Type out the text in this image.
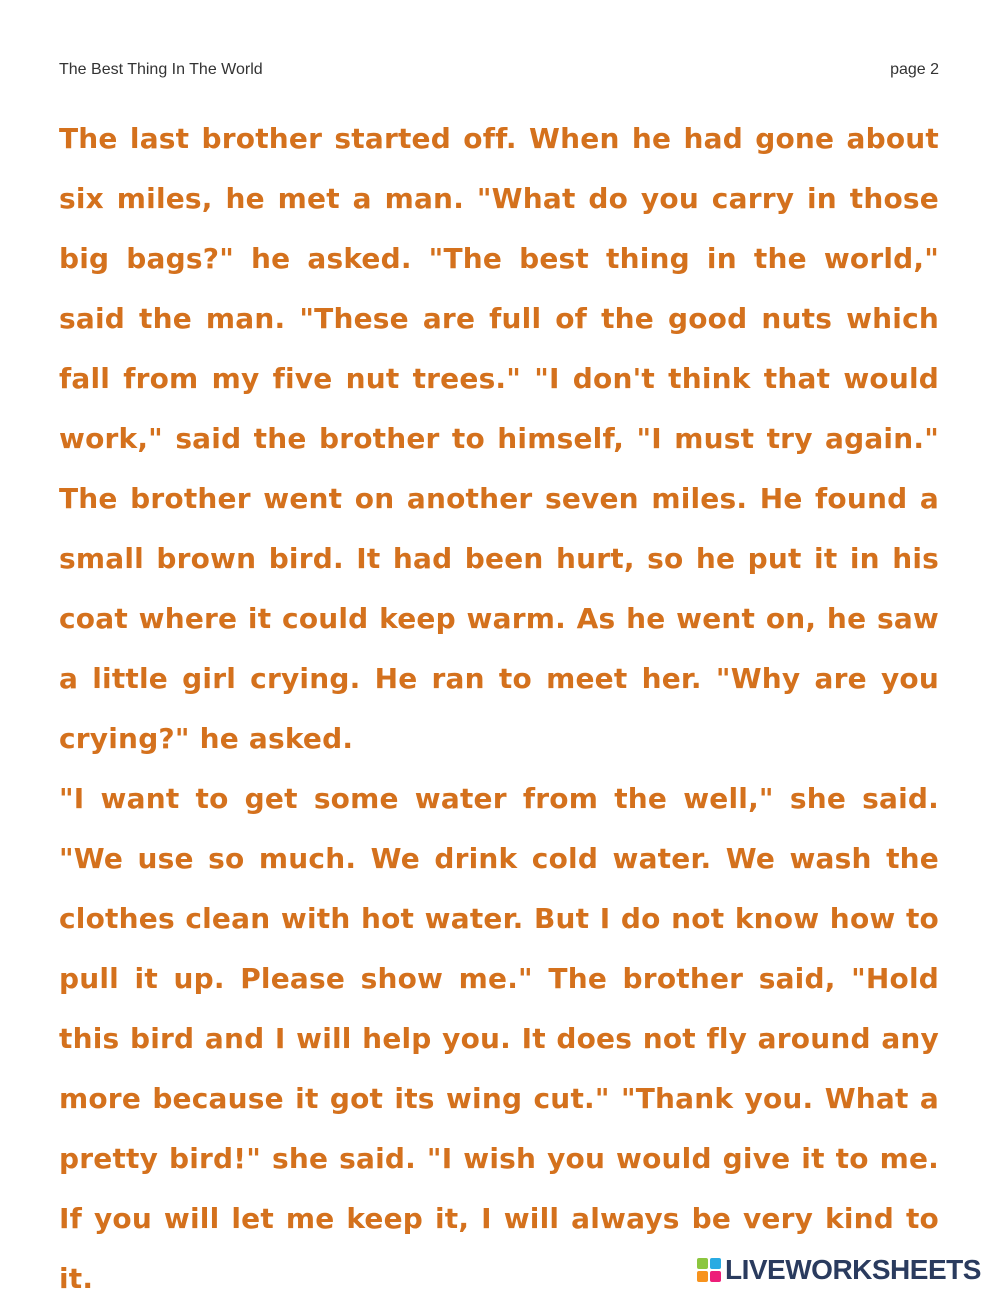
The Best Thing In The World	page 2

The last brother started off. When he had gone about six miles, he met a man. "What do you carry in those big bags?" he asked. "The best thing in the world," said the man. "These are full of the good nuts which fall from my five nut trees." "I don't think that would work," said the brother to himself, "I must try again." The brother went on another seven miles. He found a small brown bird. It had been hurt, so he put it in his coat where it could keep warm. As he went on, he saw a little girl crying. He ran to meet her. "Why are you crying?" he asked.

"I want to get some water from the well," she said. "We use so much. We drink cold water. We wash the clothes clean with hot water. But I do not know how to pull it up. Please show me." The brother said, "Hold this bird and I will help you. It does not fly around any more because it got its wing cut." "Thank you. What a pretty bird!" she said. "I wish you would give it to me. If you will let me keep it, I will always be very kind to it.	LIVEWORKSHEETS
